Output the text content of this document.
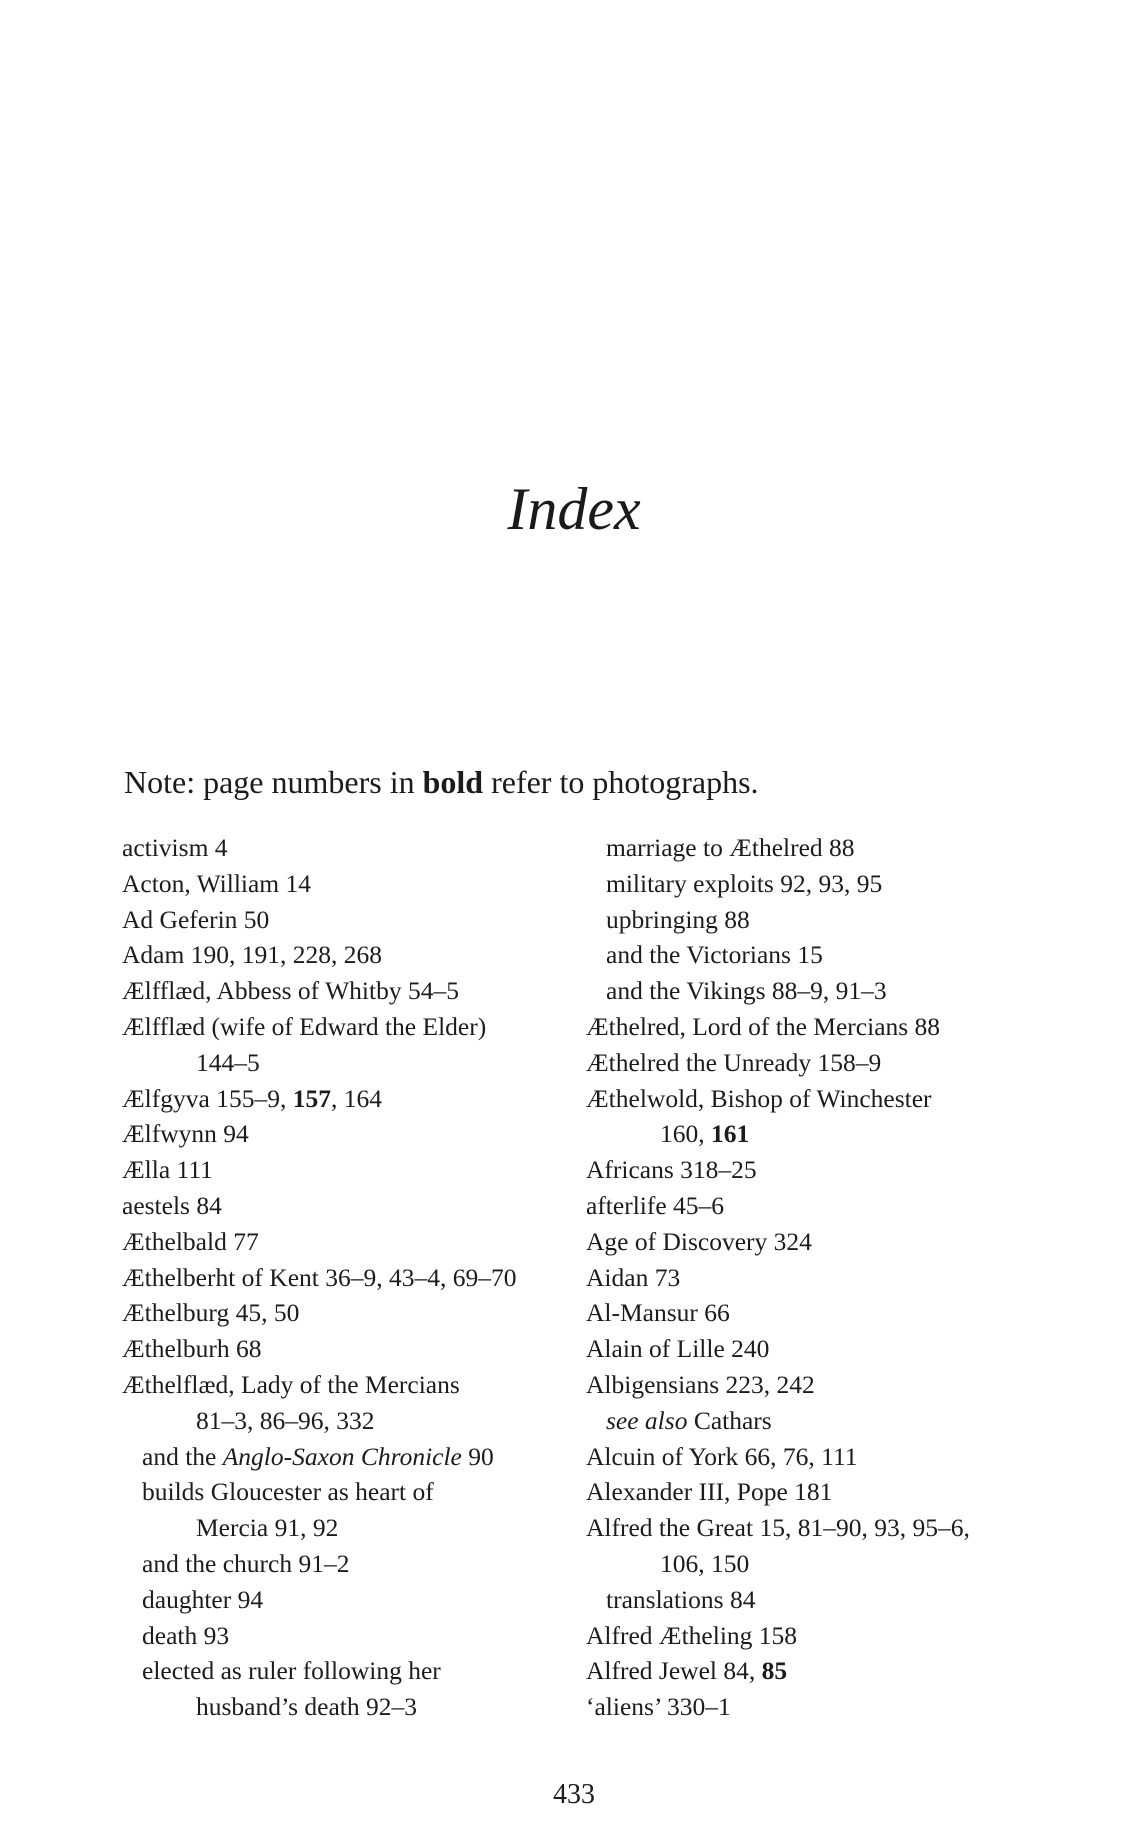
Index
Note: page numbers in bold refer to photographs.
activism 4
Acton, William 14
Ad Geferin 50
Adam 190, 191, 228, 268
Ælfflæd, Abbess of Whitby 54–5
Ælfflæd (wife of Edward the Elder)
144–5
Ælfgyva 155–9, 157, 164
Ælfwynn 94
Ælla 111
aestels 84
Æthelbald 77
Æthelberht of Kent 36–9, 43–4, 69–70
Æthelburg 45, 50
Æthelburh 68
Æthelflæd, Lady of the Mercians
81–3, 86–96, 332
and the Anglo-Saxon Chronicle 90
builds Gloucester as heart of
Mercia 91, 92
and the church 91–2
daughter 94
death 93
elected as ruler following her
husband’s death 92–3
marriage to Æthelred 88
military exploits 92, 93, 95
upbringing 88
and the Victorians 15
and the Vikings 88–9, 91–3
Æthelred, Lord of the Mercians 88
Æthelred the Unready 158–9
Æthelwold, Bishop of Winchester
160, 161
Africans 318–25
afterlife 45–6
Age of Discovery 324
Aidan 73
Al-Mansur 66
Alain of Lille 240
Albigensians 223, 242
see also Cathars
Alcuin of York 66, 76, 111
Alexander III, Pope 181
Alfred the Great 15, 81–90, 93, 95–6,
106, 150
translations 84
Alfred Ætheling 158
Alfred Jewel 84, 85
‘aliens’ 330–1
433
